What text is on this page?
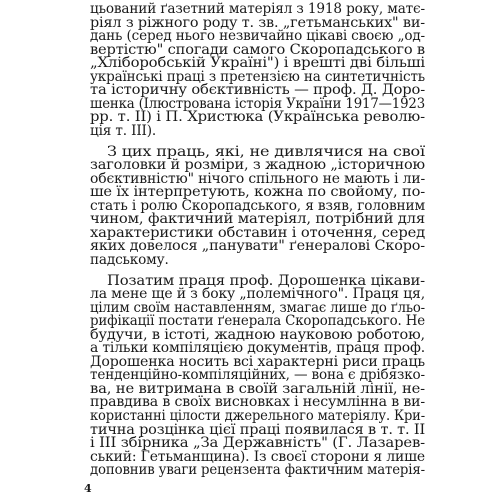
цьований ґазетний матеріял з 1918 року, матє-
ріял з ріжного роду т. зв. „гетьманських" ви-
дань (серед нього незвичайно цікаві своєю „од-
вертістю" спогади самого Скоропадського в
„Хліборобській Україні") і врешті дві більші
українські праці з претензією на синтетичність
та історичну обєктивність — проф. Д. Доро-
шенка (Ілюстрована історія України 1917—1923
рр. т. ІІ) і П. Христюка (Українська револю-
ція т. ІІІ).
З цих праць, які, не дивлячися на свої
заголовки й розміри, з жадною „історичною
обєктивністю" нічого спільного не мають і ли-
ше їх інтерпретують, кожна по свойому, по-
стать і ролю Скоропадського, я взяв, головним
чином, фактичний матеріял, потрібний для
характеристики обставин і оточення, серед
яких довелося „панувати" ґенералові Скоро-
падському.
Позатим праця проф. Дорошенка цікави-
ла мене ще й з боку „полемічного". Праця ця,
цілим своїм наставленням, змагає лише до ґльо-
рифікації постати ґенерала Скоропадського. Не
будучи, в істоті, жадною науковою роботою,
а тільки компіляцією документів, праця проф.
Дорошенка носить всі характерні риси праць
тенденційно-компіляційних, — вона є дрібязко-
ва, не витримана в своїй загальній лінії, не-
правдива в своїх висновках і несумлінна в ви-
користанні цілости джерельного матеріялу. Кри-
тична розцінка цієї праці появилася в т. т. ІІ
і ІІІ збірника „За Державність" (Г. Лазарев-
ський: Гетьманщина). Із своєї сторони я лише
доповнив уваги рецензента фактичним матерія-
4
